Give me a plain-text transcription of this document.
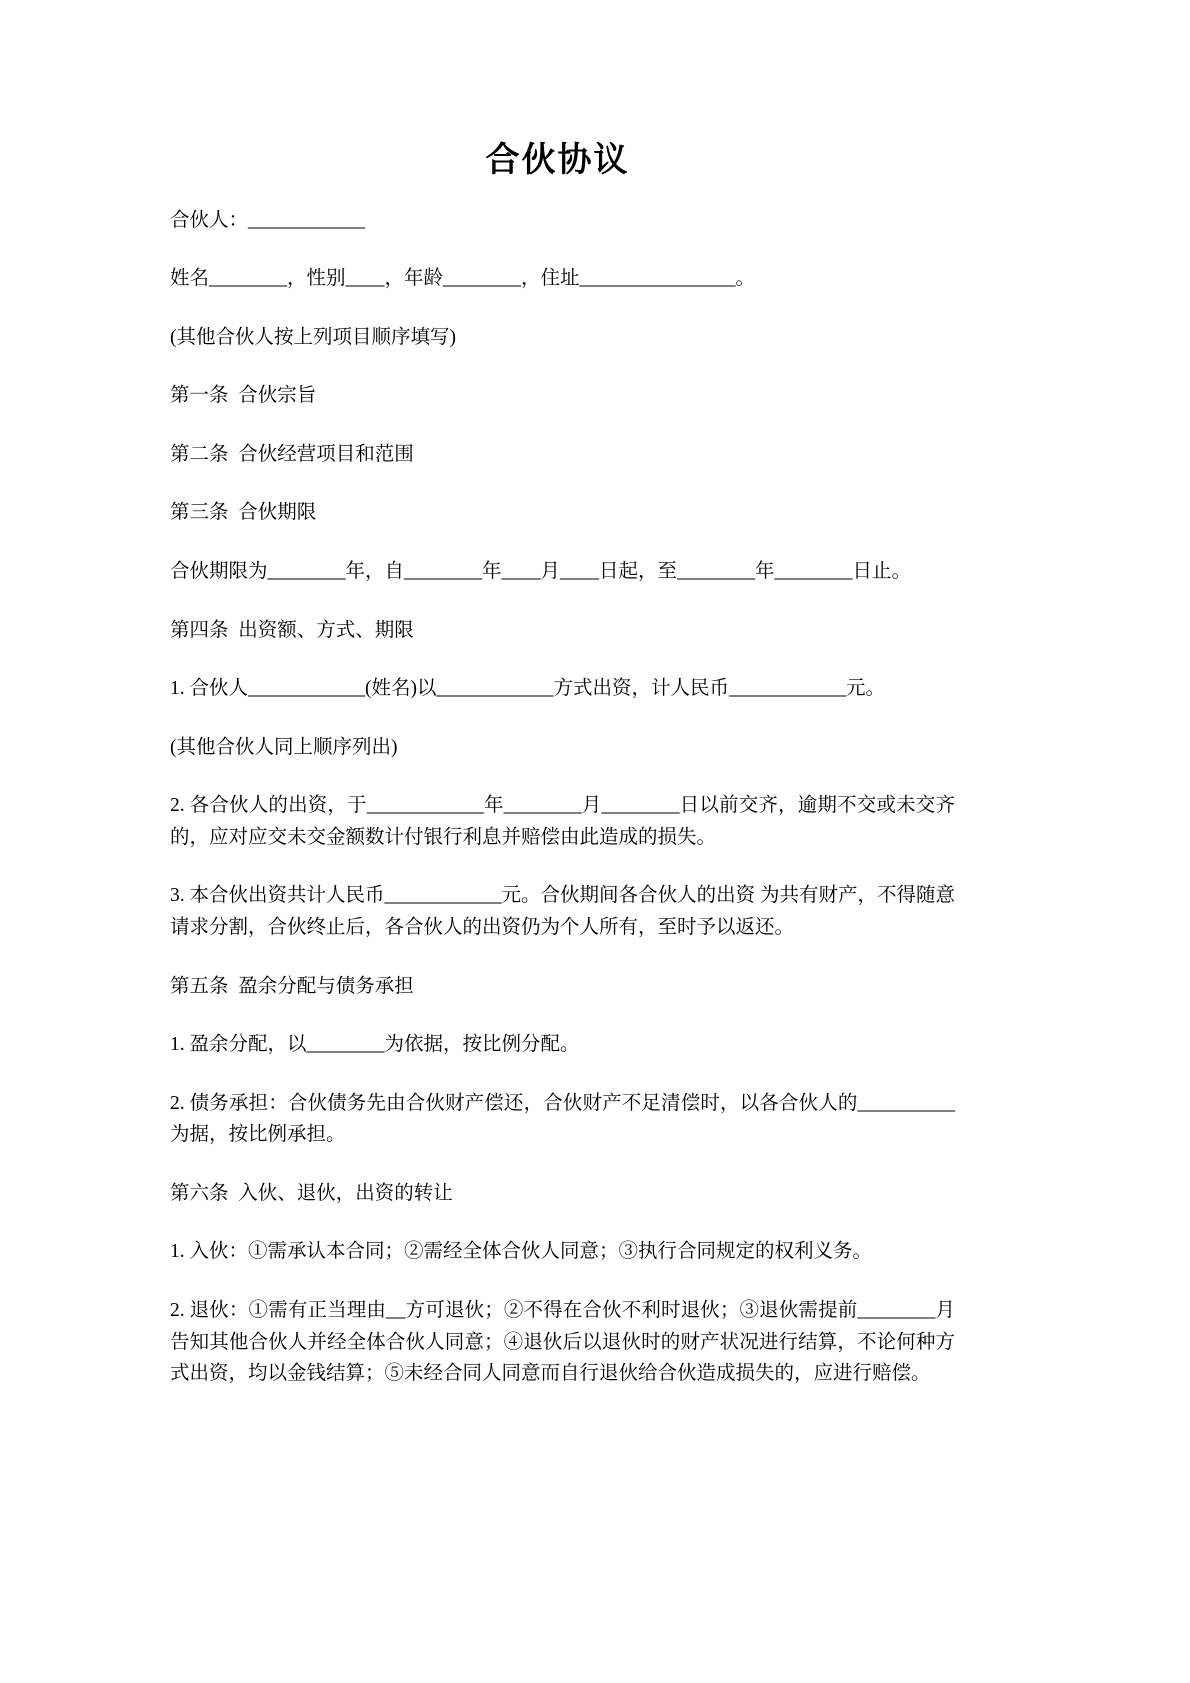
合伙协议

合伙人：____________

姓名________，性别____，年龄________，住址________________。

(其他合伙人按上列项目顺序填写)

第一条  合伙宗旨

第二条  合伙经营项目和范围

第三条  合伙期限

合伙期限为________年，自________年____月____日起，至________年________日止。

第四条  出资额、方式、期限

1. 合伙人____________(姓名)以____________方式出资，计人民币____________元。

(其他合伙人同上顺序列出)

2. 各合伙人的出资，于____________年________月________日以前交齐，逾期不交或未交齐的，应对应交未交金额数计付银行利息并赔偿由此造成的损失。

3. 本合伙出资共计人民币____________元。合伙期间各合伙人的出资 为共有财产，不得随意请求分割，合伙终止后，各合伙人的出资仍为个人所有，至时予以返还。

第五条  盈余分配与债务承担

1. 盈余分配，以________为依据，按比例分配。

2. 债务承担：合伙债务先由合伙财产偿还，合伙财产不足清偿时，以各合伙人的__________为据，按比例承担。

第六条  入伙、退伙，出资的转让

1. 入伙：①需承认本合同；②需经全体合伙人同意；③执行合同规定的权利义务。

2. 退伙：①需有正当理由__方可退伙；②不得在合伙不利时退伙；③退伙需提前________月告知其他合伙人并经全体合伙人同意；④退伙后以退伙时的财产状况进行结算，不论何种方式出资，均以金钱结算；⑤未经合同人同意而自行退伙给合伙造成损失的，应进行赔偿。
